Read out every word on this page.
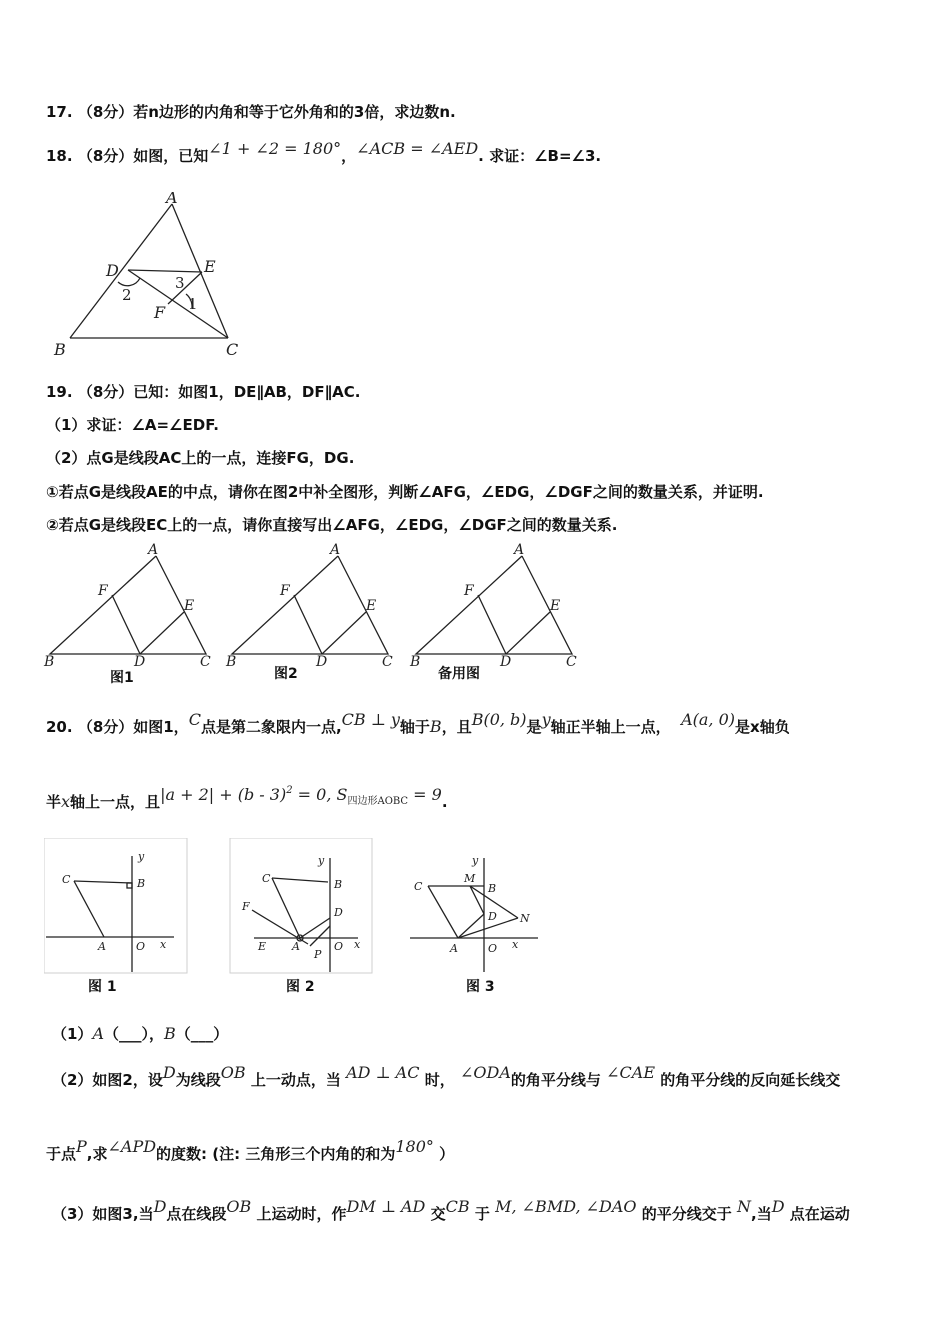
17. （8分）若n边形的内角和等于它外角和的3倍，求边数n.
18. （8分）如图，已知∠1 + ∠2 = 180°，∠ACB = ∠AED. 求证：∠B=∠3.
A
B	C
D	E
F 1
2
3
19. （8分）已知：如图1，DE∥AB，DF∥AC.
（1）求证：∠A=∠EDF.
（2）点G是线段AC上的一点，连接FG，DG.
①若点G是线段AE的中点，请你在图2中补全图形，判断∠AFG，∠EDG，∠DGF之间的数量关系，并证明.
②若点G是线段EC上的一点，请你直接写出∠AFG，∠EDG，∠DGF之间的数量关系.
A
B	C
D
E
F
A
B	C
D
E
F
A
B	C
D
E
F
图1	图2	备用图
20. （8分）如图1，C点是第二象限内一点,CB ⊥ y轴于B，且B(0, b)是y轴正半轴上一点， A(a, 0)是x轴负
半x轴上一点，且|a + 2| + (b - 3)$^2$ = 0, $S_{四边形AOBC} = 9$.
C	B
A	O x
y
C	B
D
F
E A
P
O x
y
C
M
B
D N
A	O x
y
图 1	图 2	图 3
（1）A（___），B（___）
（2）如图2，设D为线段OB 上一动点，当 AD ⊥ AC 时， ∠ODA的角平分线与 ∠CAE 的角平分线的反向延长线交
于点P,求∠APD的度数: (注: 三角形三个内角的和为180° ）
（3）如图3,当D点在线段OB 上运动时，作DM ⊥ AD 交CB 于 M, ∠BMD, ∠DAO 的平分线交于 N,当D 点在运动
